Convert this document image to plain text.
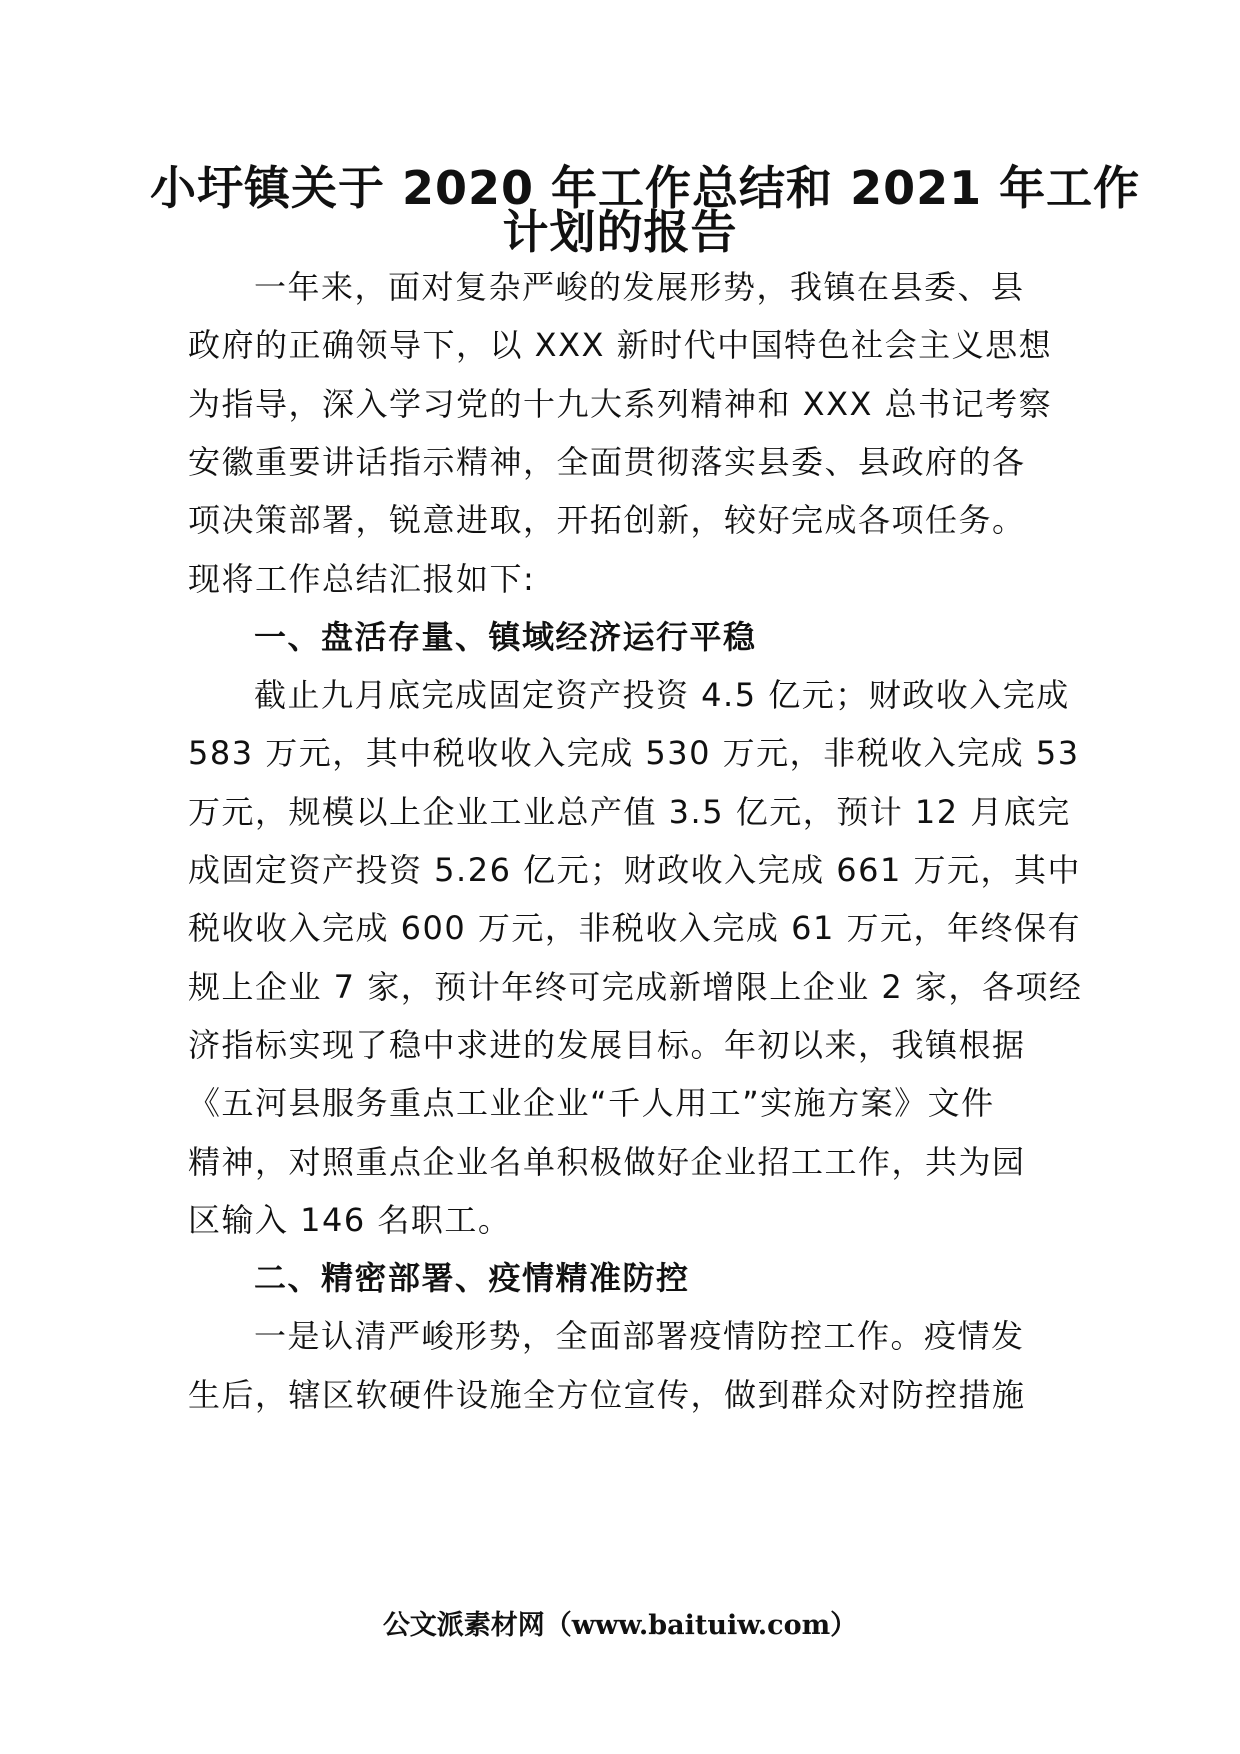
小圩镇关于 2020 年工作总结和 2021 年工作
计划的报告
一年来，面对复杂严峻的发展形势，我镇在县委、县
政府的正确领导下，以 XXX 新时代中国特色社会主义思想
为指导，深入学习党的十九大系列精神和 XXX 总书记考察
安徽重要讲话指示精神，全面贯彻落实县委、县政府的各
项决策部署，锐意进取，开拓创新，较好完成各项任务。
现将工作总结汇报如下:
一、盘活存量、镇域经济运行平稳
截止九月底完成固定资产投资 4.5 亿元；财政收入完成
583 万元，其中税收收入完成 530 万元，非税收入完成 53
万元，规模以上企业工业总产值 3.5 亿元，预计 12 月底完
成固定资产投资 5.26 亿元；财政收入完成 661 万元，其中
税收收入完成 600 万元，非税收入完成 61 万元，年终保有
规上企业 7 家，预计年终可完成新增限上企业 2 家，各项经
济指标实现了稳中求进的发展目标。年初以来，我镇根据
《五河县服务重点工业企业“千人用工”实施方案》文件
精神，对照重点企业名单积极做好企业招工工作，共为园
区输入 146 名职工。
二、精密部署、疫情精准防控
一是认清严峻形势，全面部署疫情防控工作。疫情发
生后，辖区软硬件设施全方位宣传，做到群众对防控措施
公文派素材网（www.baituiw.com）
